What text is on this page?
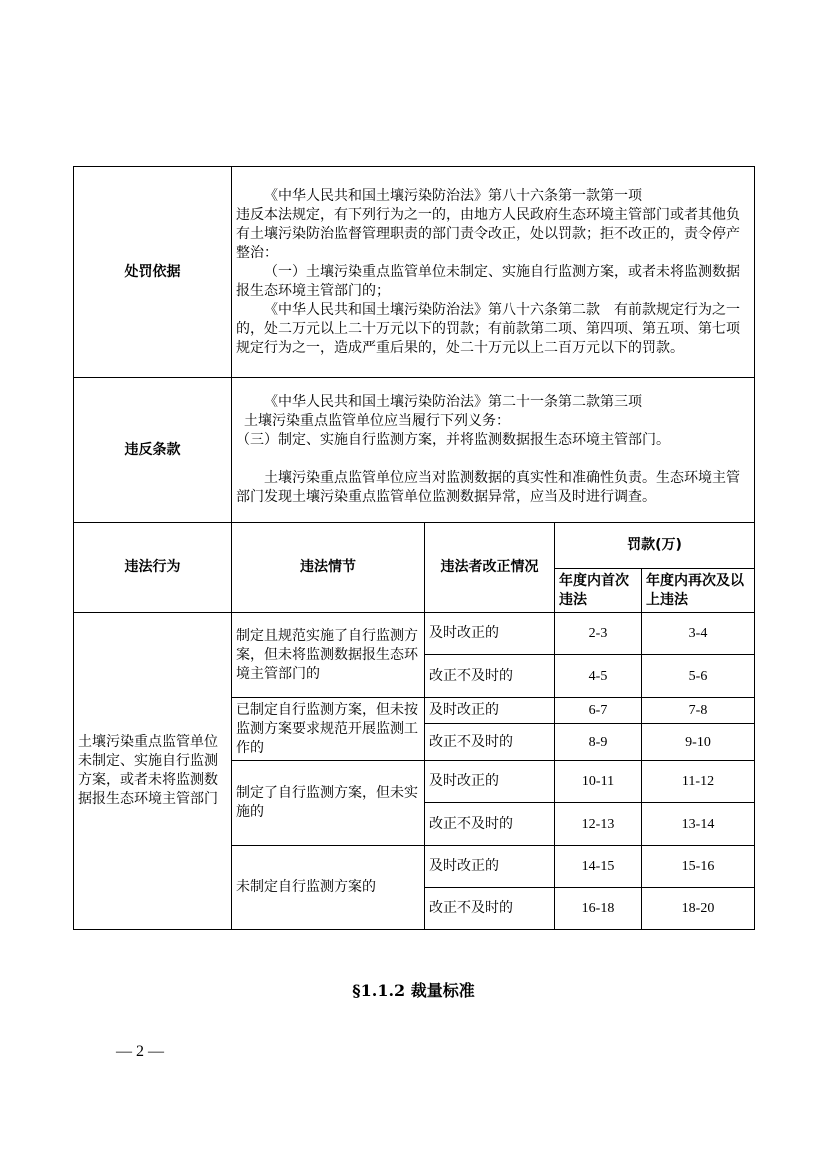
处罚依据	《中华人民共和国土壤污染防治法》第八十六条第一款第一项
违反本法规定，有下列行为之一的，由地方人民政府生态环境主管部门或者其他负有土壤污染防治监督管理职责的部门责令改正，处以罚款；拒不改正的，责令停产整治：
（一）土壤污染重点监管单位未制定、实施自行监测方案，或者未将监测数据报生态环境主管部门的；
《中华人民共和国土壤污染防治法》第八十六条第二款　有前款规定行为之一的，处二万元以上二十万元以下的罚款；有前款第二项、第四项、第五项、第七项规定行为之一，造成严重后果的，处二十万元以上二百万元以下的罚款。			

违反条款	《中华人民共和国土壤污染防治法》第二十一条第二款第三项
土壤污染重点监管单位应当履行下列义务：
（三）制定、实施自行监测方案，并将监测数据报生态环境主管部门。
土壤污染重点监管单位应当对监测数据的真实性和准确性负责。生态环境主管部门发现土壤污染重点监管单位监测数据异常，应当及时进行调查。			

违法行为	违法情节	违法者改正情况	罚款(万)	
			年度内首次违法	年度内再次及以上违法
土壤污染重点监管单位未制定、实施自行监测方案，或者未将监测数据报生态环境主管部门	制定且规范实施了自行监测方案，但未将监测数据报生态环境主管部门的	及时改正的	2-3	3-4
		改正不及时的	4-5	5-6
	已制定自行监测方案，但未按监测方案要求规范开展监测工作的	及时改正的	6-7	7-8
		改正不及时的	8-9	9-10
	制定了自行监测方案，但未实施的	及时改正的	10-11	11-12
		改正不及时的	12-13	13-14
	未制定自行监测方案的	及时改正的	14-15	15-16
		改正不及时的	16-18	18-20
§1.1.2 裁量标准
— 2 —
